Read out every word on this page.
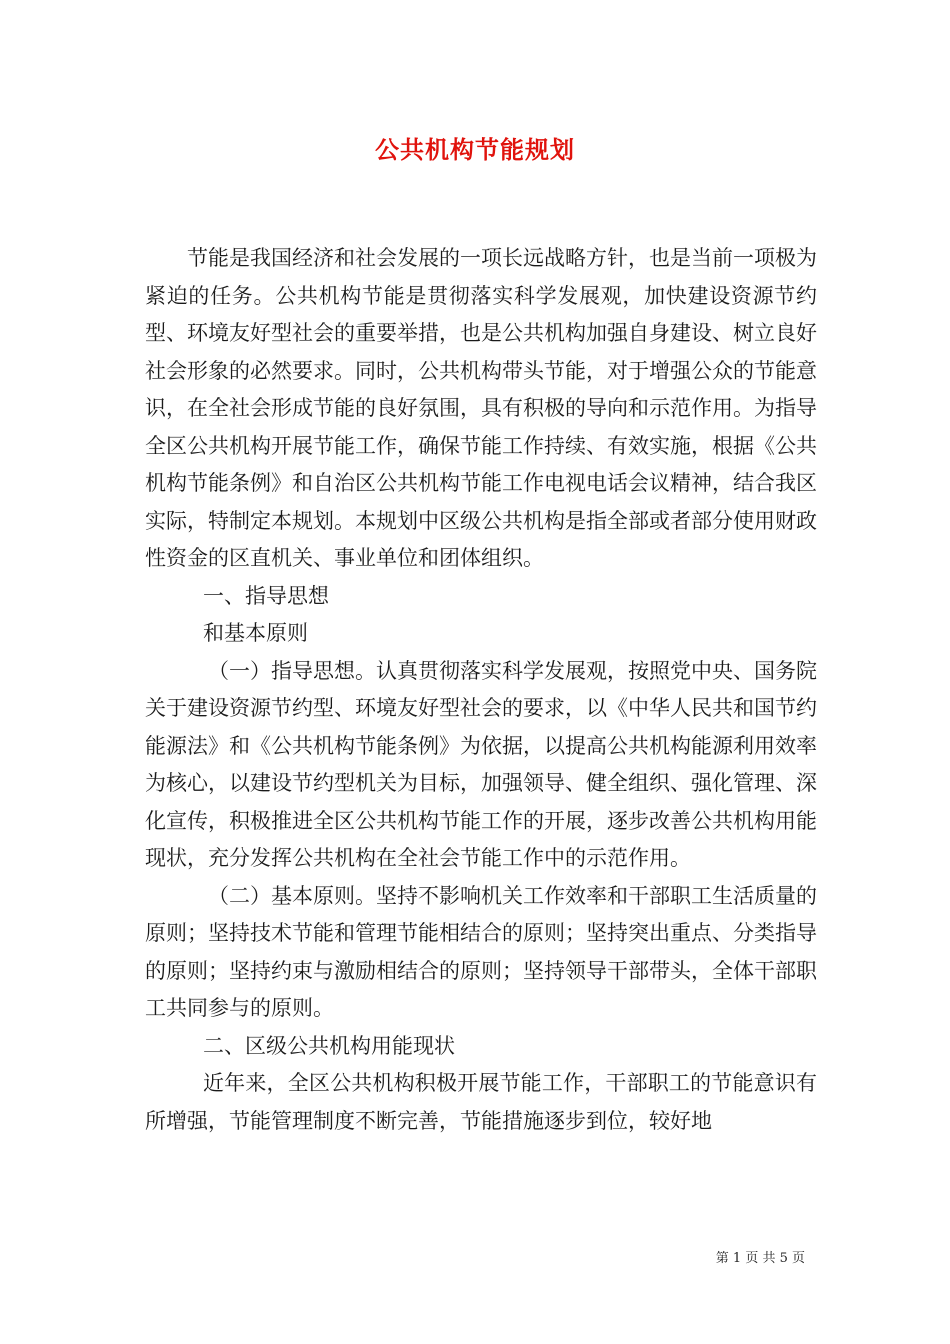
公共机构节能规划

节能是我国经济和社会发展的一项长远战略方针，也是当前一项极为紧迫的任务。公共机构节能是贯彻落实科学发展观，加快建设资源节约型、环境友好型社会的重要举措，也是公共机构加强自身建设、树立良好社会形象的必然要求。同时，公共机构带头节能，对于增强公众的节能意识，在全社会形成节能的良好氛围，具有积极的导向和示范作用。为指导全区公共机构开展节能工作，确保节能工作持续、有效实施，根据《公共机构节能条例》和自治区公共机构节能工作电视电话会议精神，结合我区实际，特制定本规划。本规划中区级公共机构是指全部或者部分使用财政性资金的区直机关、事业单位和团体组织。

一、指导思想

和基本原则

（一）指导思想。认真贯彻落实科学发展观，按照党中央、国务院关于建设资源节约型、环境友好型社会的要求，以《中华人民共和国节约能源法》和《公共机构节能条例》为依据，以提高公共机构能源利用效率为核心，以建设节约型机关为目标，加强领导、健全组织、强化管理、深化宣传，积极推进全区公共机构节能工作的开展，逐步改善公共机构用能现状，充分发挥公共机构在全社会节能工作中的示范作用。

（二）基本原则。坚持不影响机关工作效率和干部职工生活质量的原则；坚持技术节能和管理节能相结合的原则；坚持突出重点、分类指导的原则；坚持约束与激励相结合的原则；坚持领导干部带头，全体干部职工共同参与的原则。

二、区级公共机构用能现状

近年来，全区公共机构积极开展节能工作，干部职工的节能意识有所增强，节能管理制度不断完善，节能措施逐步到位，较好地

第 1 页 共 5 页
